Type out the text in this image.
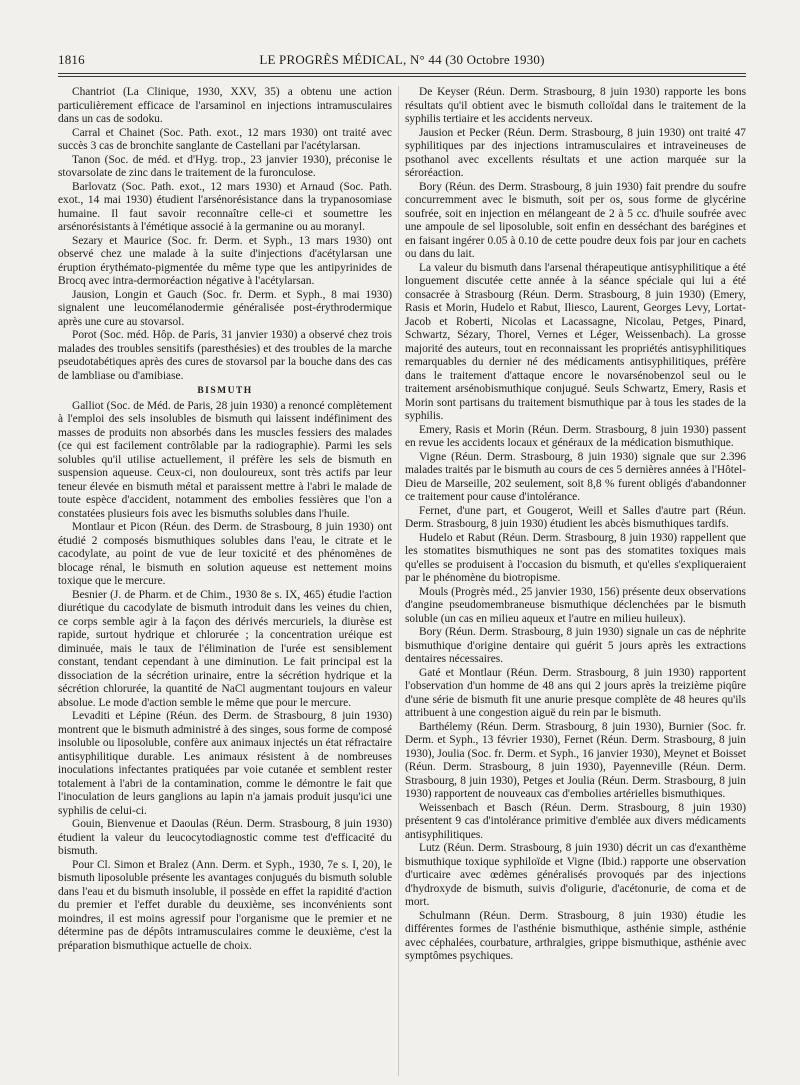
1816	LE PROGRÈS MÉDICAL, N° 44 (30 Octobre 1930)

Chantriot (La Clinique, 1930, XXV, 35) a obtenu une action particulièrement efficace de l'arsaminol en injections intramusculaires dans un cas de sodoku.

Carral et Chainet (Soc. Path. exot., 12 mars 1930) ont traité avec succès 3 cas de bronchite sanglante de Castellani par l'acétylarsan.

Tanon (Soc. de méd. et d'Hyg. trop., 23 janvier 1930), préconise le stovarsolate de zinc dans le traitement de la furonculose.

Barlovatz (Soc. Path. exot., 12 mars 1930) et Arnaud (Soc. Path. exot., 14 mai 1930) étudient l'arsénorésistance dans la trypanosomiase humaine. Il faut savoir reconnaître celle-ci et soumettre les arsénorésistants à l'émétique associé à la germanine ou au moranyl.

Sezary et Maurice (Soc. fr. Derm. et Syph., 13 mars 1930) ont observé chez une malade à la suite d'injections d'acétylarsan une éruption érythémato-pigmentée du même type que les antipyrinides de Brocq avec intra-dermoréaction négative à l'acétylarsan.

Jausion, Longin et Gauch (Soc. fr. Derm. et Syph., 8 mai 1930) signalent une leucomélanodermie généralisée post-érythrodermique après une cure au stovarsol.

Porot (Soc. méd. Hôp. de Paris, 31 janvier 1930) a observé chez trois malades des troubles sensitifs (paresthésies) et des troubles de la marche pseudotabétiques après des cures de stovarsol par la bouche dans des cas de lambliase ou d'amibiase.

BISMUTH

Galliot (Soc. de Méd. de Paris, 28 juin 1930) a renoncé complètement à l'emploi des sels insolubles de bismuth qui laissent indéfiniment des masses de produits non absorbés dans les muscles fessiers des malades (ce qui est facilement contrôlable par la radiographie). Parmi les sels solubles qu'il utilise actuellement, il préfère les sels de bismuth en suspension aqueuse. Ceux-ci, non douloureux, sont très actifs par leur teneur élevée en bismuth métal et paraissent mettre à l'abri le malade de toute espèce d'accident, notamment des embolies fessières que l'on a constatées plusieurs fois avec les bismuths solubles dans l'huile.

Montlaur et Picon (Réun. des Derm. de Strasbourg, 8 juin 1930) ont étudié 2 composés bismuthiques solubles dans l'eau, le citrate et le cacodylate, au point de vue de leur toxicité et des phénomènes de blocage rénal, le bismuth en solution aqueuse est nettement moins toxique que le mercure.

Besnier (J. de Pharm. et de Chim., 1930 8e s. IX, 465) étudie l'action diurétique du cacodylate de bismuth introduit dans les veines du chien, ce corps semble agir à la façon des dérivés mercuriels, la diurèse est rapide, surtout hydrique et chlorurée ; la concentration uréique est diminuée, mais le taux de l'élimination de l'urée est sensiblement constant, tendant cependant à une diminution. Le fait principal est la dissociation de la sécrétion urinaire, entre la sécrétion hydrique et la sécrétion chlorurée, la quantité de NaCl augmentant toujours en valeur absolue. Le mode d'action semble le même que pour le mercure.

Levaditi et Lépine (Réun. des Derm. de Strasbourg, 8 juin 1930) montrent que le bismuth administré à des singes, sous forme de composé insoluble ou liposoluble, confère aux animaux injectés un état réfractaire antisyphilitique durable. Les animaux résistent à de nombreuses inoculations infectantes pratiquées par voie cutanée et semblent rester totalement à l'abri de la contamination, comme le démontre le fait que l'inoculation de leurs ganglions au lapin n'a jamais produit jusqu'ici une syphilis de celui-ci.

Gouin, Bienvenue et Daoulas (Réun. Derm. Strasbourg, 8 juin 1930) étudient la valeur du leucocytodiagnostic comme test d'efficacité du bismuth.

Pour Cl. Simon et Bralez (Ann. Derm. et Syph., 1930, 7e s. I, 20), le bismuth liposoluble présente les avantages conjugués du bismuth soluble dans l'eau et du bismuth insoluble, il possède en effet la rapidité d'action du premier et l'effet durable du deuxième, ses inconvénients sont moindres, il est moins agressif pour l'organisme que le premier et ne détermine pas de dépôts intramusculaires comme le deuxième, c'est la préparation bismuthique actuelle de choix.

De Keyser (Réun. Derm. Strasbourg, 8 juin 1930) rapporte les bons résultats qu'il obtient avec le bismuth colloïdal dans le traitement de la syphilis tertiaire et les accidents nerveux.

Jausion et Pecker (Réun. Derm. Strasbourg, 8 juin 1930) ont traité 47 syphilitiques par des injections intramusculaires et intraveineuses de psothanol avec excellents résultats et une action marquée sur la séroréaction.

Bory (Réun. des Derm. Strasbourg, 8 juin 1930) fait prendre du soufre concurremment avec le bismuth, soit per os, sous forme de glycérine soufrée, soit en injection en mélangeant de 2 à 5 cc. d'huile soufrée avec une ampoule de sel liposoluble, soit enfin en desséchant des barégines et en faisant ingérer 0.05 à 0.10 de cette poudre deux fois par jour en cachets ou dans du lait.

La valeur du bismuth dans l'arsenal thérapeutique antisyphilitique a été longuement discutée cette année à la séance spéciale qui lui a été consacrée à Strasbourg (Réun. Derm. Strasbourg, 8 juin 1930) (Emery, Rasis et Morin, Hudelo et Rabut, Iliesco, Laurent, Georges Levy, Lortat-Jacob et Roberti, Nicolas et Lacassagne, Nicolau, Petges, Pinard, Schwartz, Sézary, Thorel, Vernes et Léger, Weissenbach). La grosse majorité des auteurs, tout en reconnaissant les propriétés antisyphilitiques remarquables du dernier né des médicaments antisyphilitiques, préfère dans le traitement d'attaque encore le novarsénobenzol seul ou le traitement arsénobismuthique conjugué. Seuls Schwartz, Emery, Rasis et Morin sont partisans du traitement bismuthique par à tous les stades de la syphilis.

Emery, Rasis et Morin (Réun. Derm. Strasbourg, 8 juin 1930) passent en revue les accidents locaux et généraux de la médication bismuthique.

Vigne (Réun. Derm. Strasbourg, 8 juin 1930) signale que sur 2.396 malades traités par le bismuth au cours de ces 5 dernières années à l'Hôtel-Dieu de Marseille, 202 seulement, soit 8,8 % furent obligés d'abandonner ce traitement pour cause d'intolérance.

Fernet, d'une part, et Gougerot, Weill et Salles d'autre part (Réun. Derm. Strasbourg, 8 juin 1930) étudient les abcès bismuthiques tardifs.

Hudelo et Rabut (Réun. Derm. Strasbourg, 8 juin 1930) rappellent que les stomatites bismuthiques ne sont pas des stomatites toxiques mais qu'elles se produisent à l'occasion du bismuth, et qu'elles s'expliqueraient par le phénomène du biotropisme.

Mouls (Progrès méd., 25 janvier 1930, 156) présente deux observations d'angine pseudomembraneuse bismuthique déclenchées par le bismuth soluble (un cas en milieu aqueux et l'autre en milieu huileux).

Bory (Réun. Derm. Strasbourg, 8 juin 1930) signale un cas de néphrite bismuthique d'origine dentaire qui guérit 5 jours après les extractions dentaires nécessaires.

Gaté et Montlaur (Réun. Derm. Strasbourg, 8 juin 1930) rapportent l'observation d'un homme de 48 ans qui 2 jours après la treizième piqûre d'une série de bismuth fit une anurie presque complète de 48 heures qu'ils attribuent à une congestion aiguë du rein par le bismuth.

Barthélemy (Réun. Derm. Strasbourg, 8 juin 1930), Burnier (Soc. fr. Derm. et Syph., 13 février 1930), Fernet (Réun. Derm. Strasbourg, 8 juin 1930), Joulia (Soc. fr. Derm. et Syph., 16 janvier 1930), Meynet et Boisset (Réun. Derm. Strasbourg, 8 juin 1930), Payenneville (Réun. Derm. Strasbourg, 8 juin 1930), Petges et Joulia (Réun. Derm. Strasbourg, 8 juin 1930) rapportent de nouveaux cas d'embolies artérielles bismuthiques.

Weissenbach et Basch (Réun. Derm. Strasbourg, 8 juin 1930) présentent 9 cas d'intolérance primitive d'emblée aux divers médicaments antisyphilitiques.

Lutz (Réun. Derm. Strasbourg, 8 juin 1930) décrit un cas d'exanthème bismuthique toxique syphiloïde et Vigne (Ibid.) rapporte une observation d'urticaire avec œdèmes généralisés provoqués par des injections d'hydroxyde de bismuth, suivis d'oligurie, d'acétonurie, de coma et de mort.

Schulmann (Réun. Derm. Strasbourg, 8 juin 1930) étudie les différentes formes de l'asthénie bismuthique, asthénie simple, asthénie avec céphalées, courbature, arthralgies, grippe bismuthique, asthénie avec symptômes psychiques.
